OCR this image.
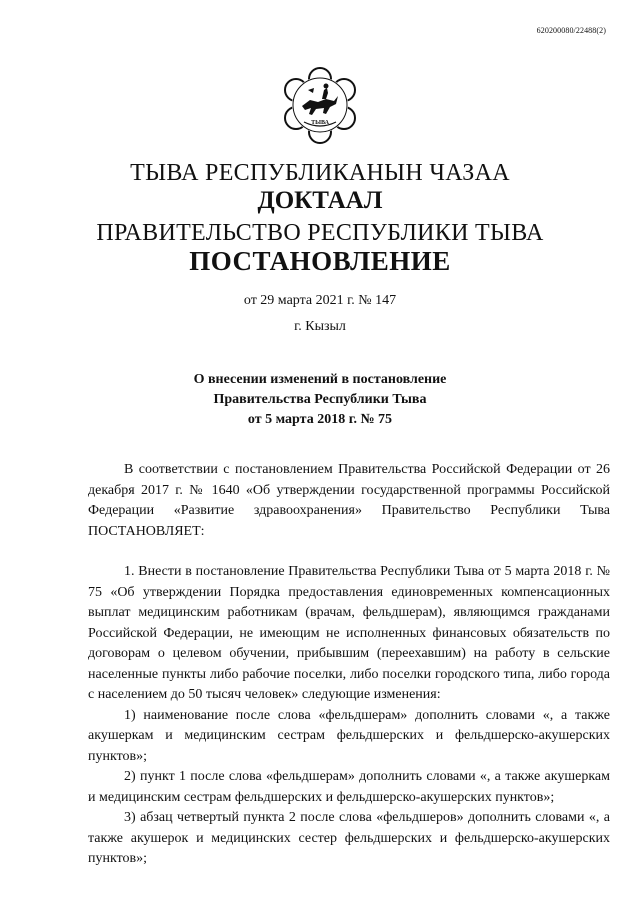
620200080/22488(2)
ТЫВА
ТЫВА РЕСПУБЛИКАНЫН ЧАЗАА
ДОКТААЛ
ПРАВИТЕЛЬСТВО РЕСПУБЛИКИ ТЫВА
ПОСТАНОВЛЕНИЕ
от 29 марта 2021 г. № 147
г. Кызыл
О внесении изменений в постановление
Правительства Республики Тыва
от 5 марта 2018 г. № 75

В соответствии с постановлением Правительства Российской Федерации от 26 декабря 2017 г. № 1640 «Об утверждении государственной программы Российской Федерации «Развитие здравоохранения» Правительство Республики Тыва ПОСТАНОВЛЯЕТ:

1. Внести в постановление Правительства Республики Тыва от 5 марта 2018 г. № 75 «Об утверждении Порядка предоставления единовременных компенсационных выплат медицинским работникам (врачам, фельдшерам), являющимся гражданами Российской Федерации, не имеющим не исполненных финансовых обязательств по договорам о целевом обучении, прибывшим (переехавшим) на работу в сельские населенные пункты либо рабочие поселки, либо поселки городского типа, либо города с населением до 50 тысяч человек» следующие изменения:

1) наименование после слова «фельдшерам» дополнить словами «, а также акушеркам и медицинским сестрам фельдшерских и фельдшерско-акушерских пунктов»;

2) пункт 1 после слова «фельдшерам» дополнить словами «, а также акушеркам и медицинским сестрам фельдшерских и фельдшерско-акушерских пунктов»;

3) абзац четвертый пункта 2 после слова «фельдшеров» дополнить словами «, а также акушерок и медицинских сестер фельдшерских и фельдшерско-акушерских пунктов»;
